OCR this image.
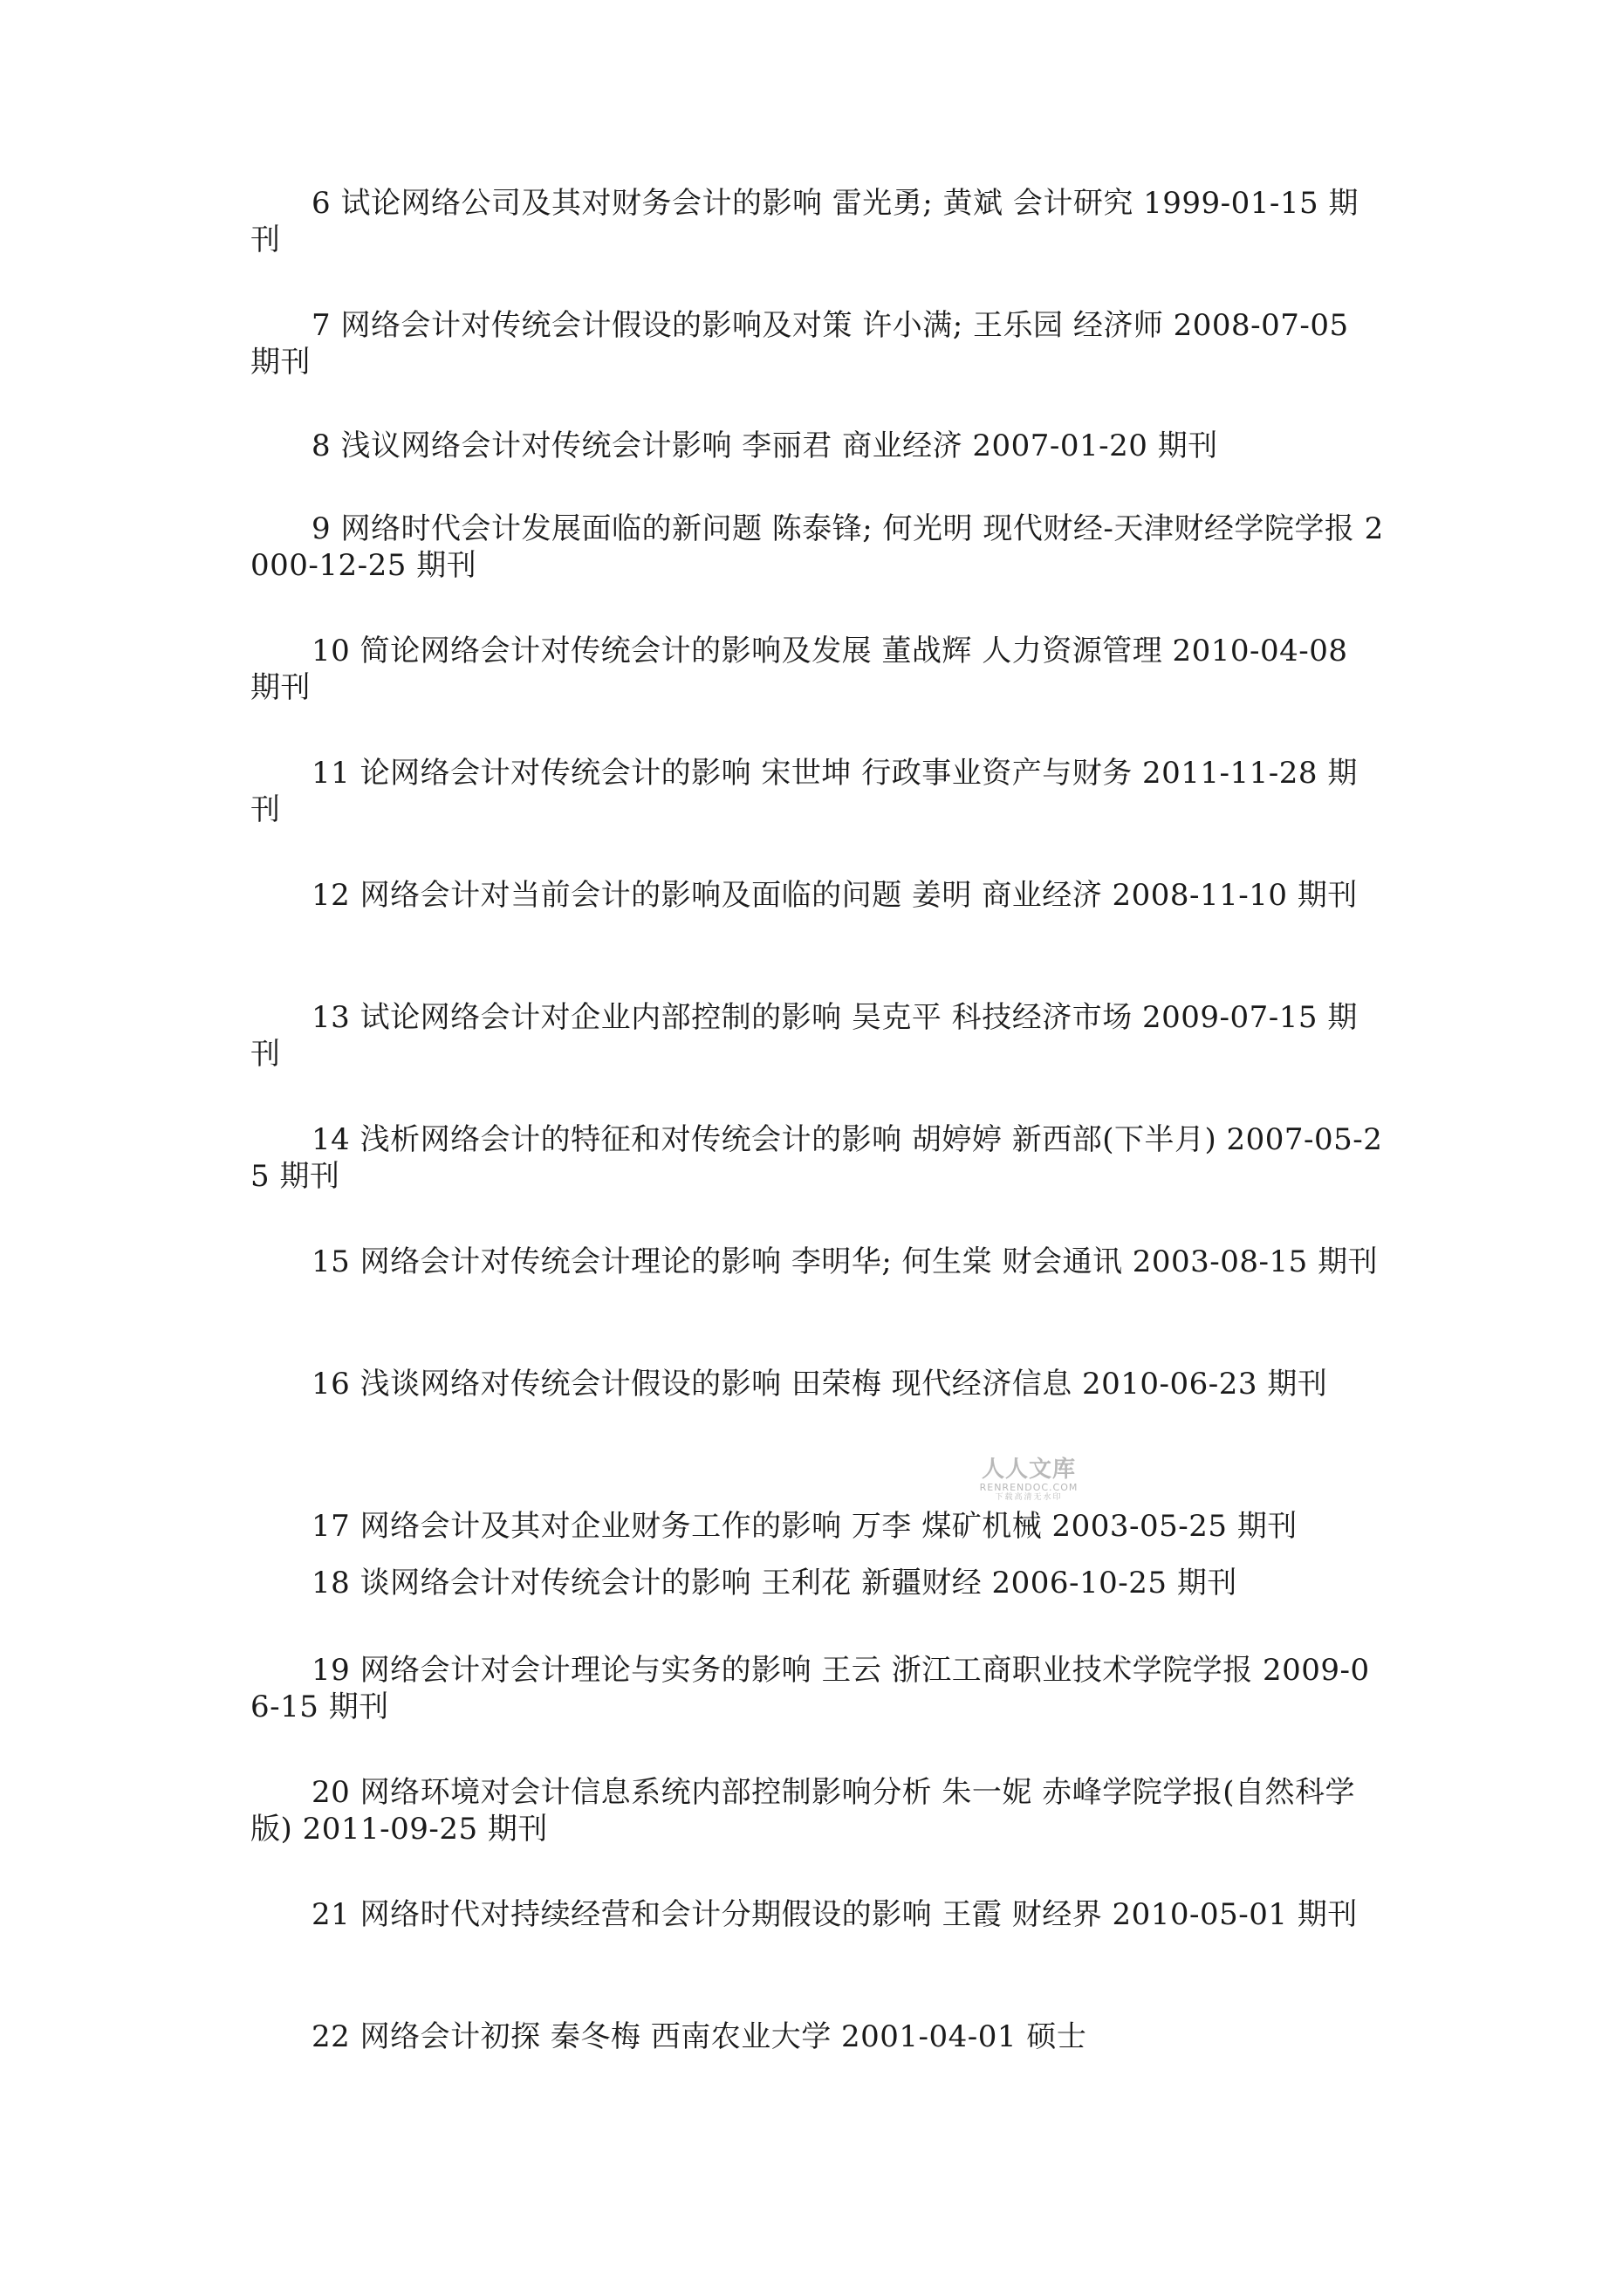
6 试论网络公司及其对财务会计的影响 雷光勇; 黄斌 会计研究 1999-01-15 期刊
7 网络会计对传统会计假设的影响及对策 许小满; 王乐园 经济师 2008-07-05 期刊
8 浅议网络会计对传统会计影响 李丽君 商业经济 2007-01-20 期刊
9 网络时代会计发展面临的新问题 陈泰锋; 何光明 现代财经-天津财经学院学报 2000-12-25 期刊
10 简论网络会计对传统会计的影响及发展 董战辉 人力资源管理 2010-04-08 期刊
11 论网络会计对传统会计的影响 宋世坤 行政事业资产与财务 2011-11-28 期刊
12 网络会计对当前会计的影响及面临的问题 姜明 商业经济 2008-11-10 期刊
13 试论网络会计对企业内部控制的影响 吴克平 科技经济市场 2009-07-15 期刊
14 浅析网络会计的特征和对传统会计的影响 胡婷婷 新西部(下半月) 2007-05-25 期刊
15 网络会计对传统会计理论的影响 李明华; 何生棠 财会通讯 2003-08-15 期刊
16 浅谈网络对传统会计假设的影响 田荣梅 现代经济信息 2010-06-23 期刊
17 网络会计及其对企业财务工作的影响 万李 煤矿机械 2003-05-25 期刊
18 谈网络会计对传统会计的影响 王利花 新疆财经 2006-10-25 期刊
19 网络会计对会计理论与实务的影响 王云 浙江工商职业技术学院学报 2009-06-15 期刊
20 网络环境对会计信息系统内部控制影响分析 朱一妮 赤峰学院学报(自然科学版) 2011-09-25 期刊
21 网络时代对持续经营和会计分期假设的影响 王霞 财经界 2010-05-01 期刊
22 网络会计初探 秦冬梅 西南农业大学 2001-04-01 硕士
人人文库
RENRENDOC.COM
下载高清无水印
